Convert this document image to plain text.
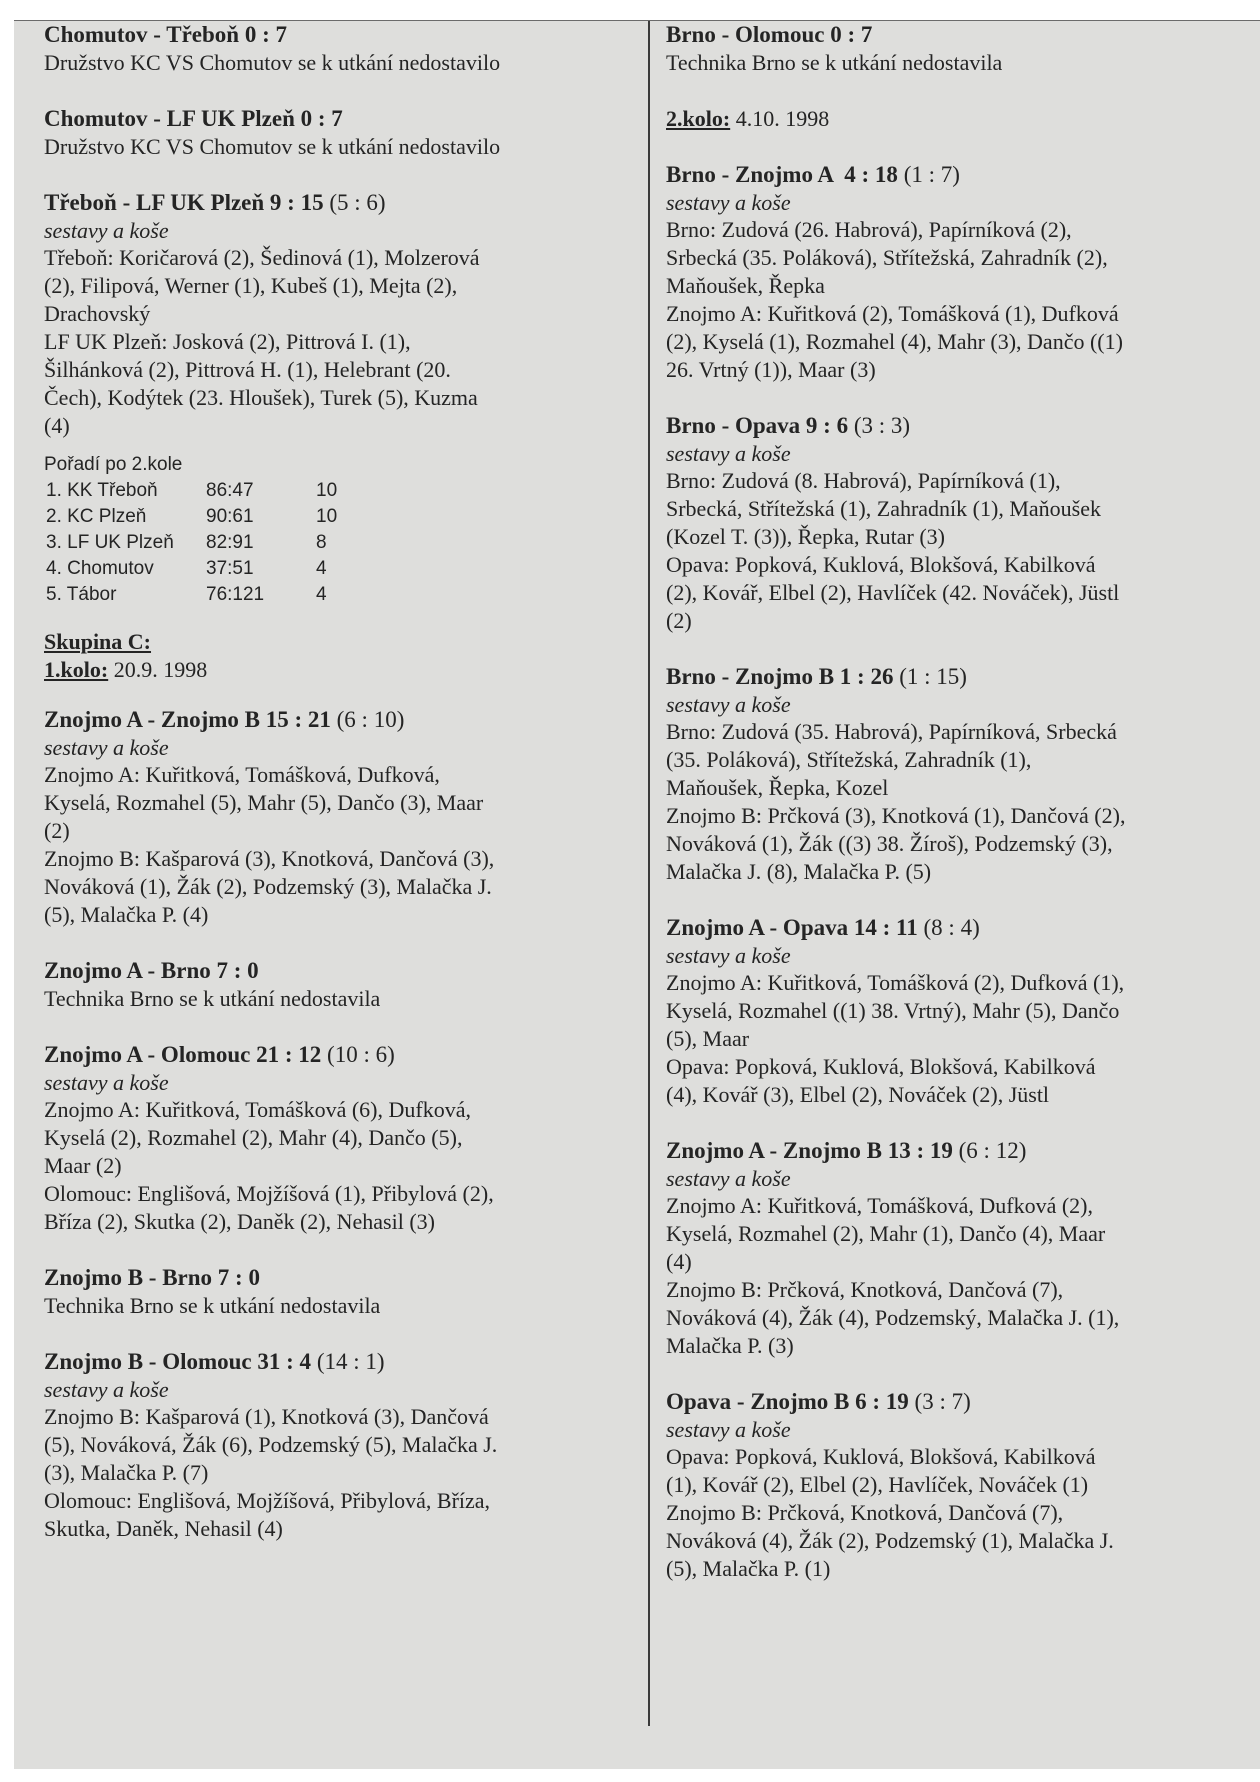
Chomutov - Třeboň 0 : 7

Družstvo KC VS Chomutov se k utkání nedostavilo

Chomutov - LF UK Plzeň 0 : 7

Družstvo KC VS Chomutov se k utkání nedostavilo

Třeboň - LF UK Plzeň 9 : 15 (5 : 6)

sestavy a koše

Třeboň: Koričarová (2), Šedinová (1), Molzerová

(2), Filipová, Werner (1), Kubeš (1), Mejta (2),

Drachovský

LF UK Plzeň: Josková (2), Pittrová I. (1),

Šilhánková (2), Pittrová H. (1), Helebrant (20.

Čech), Kodýtek (23. Hloušek), Turek (5), Kuzma

(4)

Pořadí po 2.kole
1. KK Třeboň	86:47	10
2. KC Plzeň	90:61	10
3. LF UK Plzeň	82:91	8
4. Chomutov	37:51	4
5. Tábor	76:121	4

Skupina C:

1.kolo: 20.9. 1998

Znojmo A - Znojmo B 15 : 21 (6 : 10)

sestavy a koše

Znojmo A: Kuřitková, Tomášková, Dufková,

Kyselá, Rozmahel (5), Mahr (5), Dančo (3), Maar

(2)

Znojmo B: Kašparová (3), Knotková, Dančová (3),

Nováková (1), Žák (2), Podzemský (3), Malačka J.

(5), Malačka P. (4)

Znojmo A - Brno 7 : 0

Technika Brno se k utkání nedostavila

Znojmo A - Olomouc 21 : 12 (10 : 6)

sestavy a koše

Znojmo A: Kuřitková, Tomášková (6), Dufková,

Kyselá (2), Rozmahel (2), Mahr (4), Dančo (5),

Maar (2)

Olomouc: Englišová, Mojžíšová (1), Přibylová (2),

Bříza (2), Skutka (2), Daněk (2), Nehasil (3)

Znojmo B - Brno 7 : 0

Technika Brno se k utkání nedostavila

Znojmo B - Olomouc 31 : 4 (14 : 1)

sestavy a koše

Znojmo B: Kašparová (1), Knotková (3), Dančová

(5), Nováková, Žák (6), Podzemský (5), Malačka J.

(3), Malačka P. (7)

Olomouc: Englišová, Mojžíšová, Přibylová, Bříza,

Skutka, Daněk, Nehasil (4)

Brno - Olomouc 0 : 7

Technika Brno se k utkání nedostavila

2.kolo: 4.10. 1998

Brno - Znojmo A  4 : 18 (1 : 7)

sestavy a koše

Brno: Zudová (26. Habrová), Papírníková (2),

Srbecká (35. Poláková), Střítežská, Zahradník (2),

Maňoušek, Řepka

Znojmo A: Kuřitková (2), Tomášková (1), Dufková

(2), Kyselá (1), Rozmahel (4), Mahr (3), Dančo ((1)

26. Vrtný (1)), Maar (3)

Brno - Opava 9 : 6 (3 : 3)

sestavy a koše

Brno: Zudová (8. Habrová), Papírníková (1),

Srbecká, Střítežská (1), Zahradník (1), Maňoušek

(Kozel T. (3)), Řepka, Rutar (3)

Opava: Popková, Kuklová, Blokšová, Kabilková

(2), Kovář, Elbel (2), Havlíček (42. Nováček), Jüstl

(2)

Brno - Znojmo B 1 : 26 (1 : 15)

sestavy a koše

Brno: Zudová (35. Habrová), Papírníková, Srbecká

(35. Poláková), Střítežská, Zahradník (1),

Maňoušek, Řepka, Kozel

Znojmo B: Prčková (3), Knotková (1), Dančová (2),

Nováková (1), Žák ((3) 38. Žíroš), Podzemský (3),

Malačka J. (8), Malačka P. (5)

Znojmo A - Opava 14 : 11 (8 : 4)

sestavy a koše

Znojmo A: Kuřitková, Tomášková (2), Dufková (1),

Kyselá, Rozmahel ((1) 38. Vrtný), Mahr (5), Dančo

(5), Maar

Opava: Popková, Kuklová, Blokšová, Kabilková

(4), Kovář (3), Elbel (2), Nováček (2), Jüstl

Znojmo A - Znojmo B 13 : 19 (6 : 12)

sestavy a koše

Znojmo A: Kuřitková, Tomášková, Dufková (2),

Kyselá, Rozmahel (2), Mahr (1), Dančo (4), Maar

(4)

Znojmo B: Prčková, Knotková, Dančová (7),

Nováková (4), Žák (4), Podzemský, Malačka J. (1),

Malačka P. (3)

Opava - Znojmo B 6 : 19 (3 : 7)

sestavy a koše

Opava: Popková, Kuklová, Blokšová, Kabilková

(1), Kovář (2), Elbel (2), Havlíček, Nováček (1)

Znojmo B: Prčková, Knotková, Dančová (7),

Nováková (4), Žák (2), Podzemský (1), Malačka J.

(5), Malačka P. (1)
